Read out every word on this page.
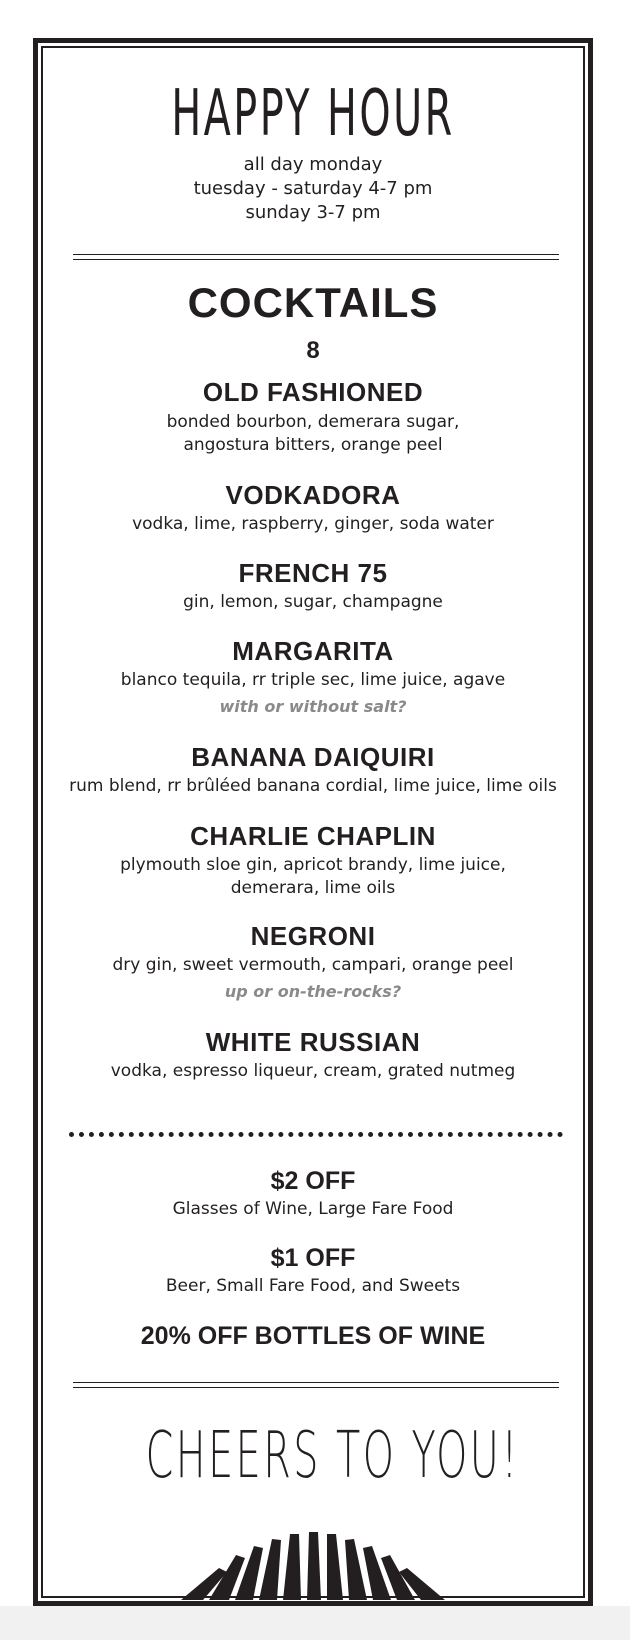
HAPPY HOUR
all day monday
tuesday - saturday 4-7 pm
sunday 3-7 pm
COCKTAILS
8
OLD FASHIONED
bonded bourbon, demerara sugar,
angostura bitters, orange peel
VODKADORA
vodka, lime, raspberry, ginger, soda water
FRENCH 75
gin, lemon, sugar, champagne
MARGARITA
blanco tequila, rr triple sec, lime juice, agave
with or without salt?
BANANA DAIQUIRI
rum blend, rr brûléed banana cordial, lime juice, lime oils
CHARLIE CHAPLIN
plymouth sloe gin, apricot brandy, lime juice,
demerara, lime oils
NEGRONI
dry gin, sweet vermouth, campari, orange peel
up or on-the-rocks?
WHITE RUSSIAN
vodka, espresso liqueur, cream, grated nutmeg
$2 OFF
Glasses of Wine, Large Fare Food
$1 OFF
Beer, Small Fare Food, and Sweets
20% OFF BOTTLES OF WINE
CHEERS TO YOU!
